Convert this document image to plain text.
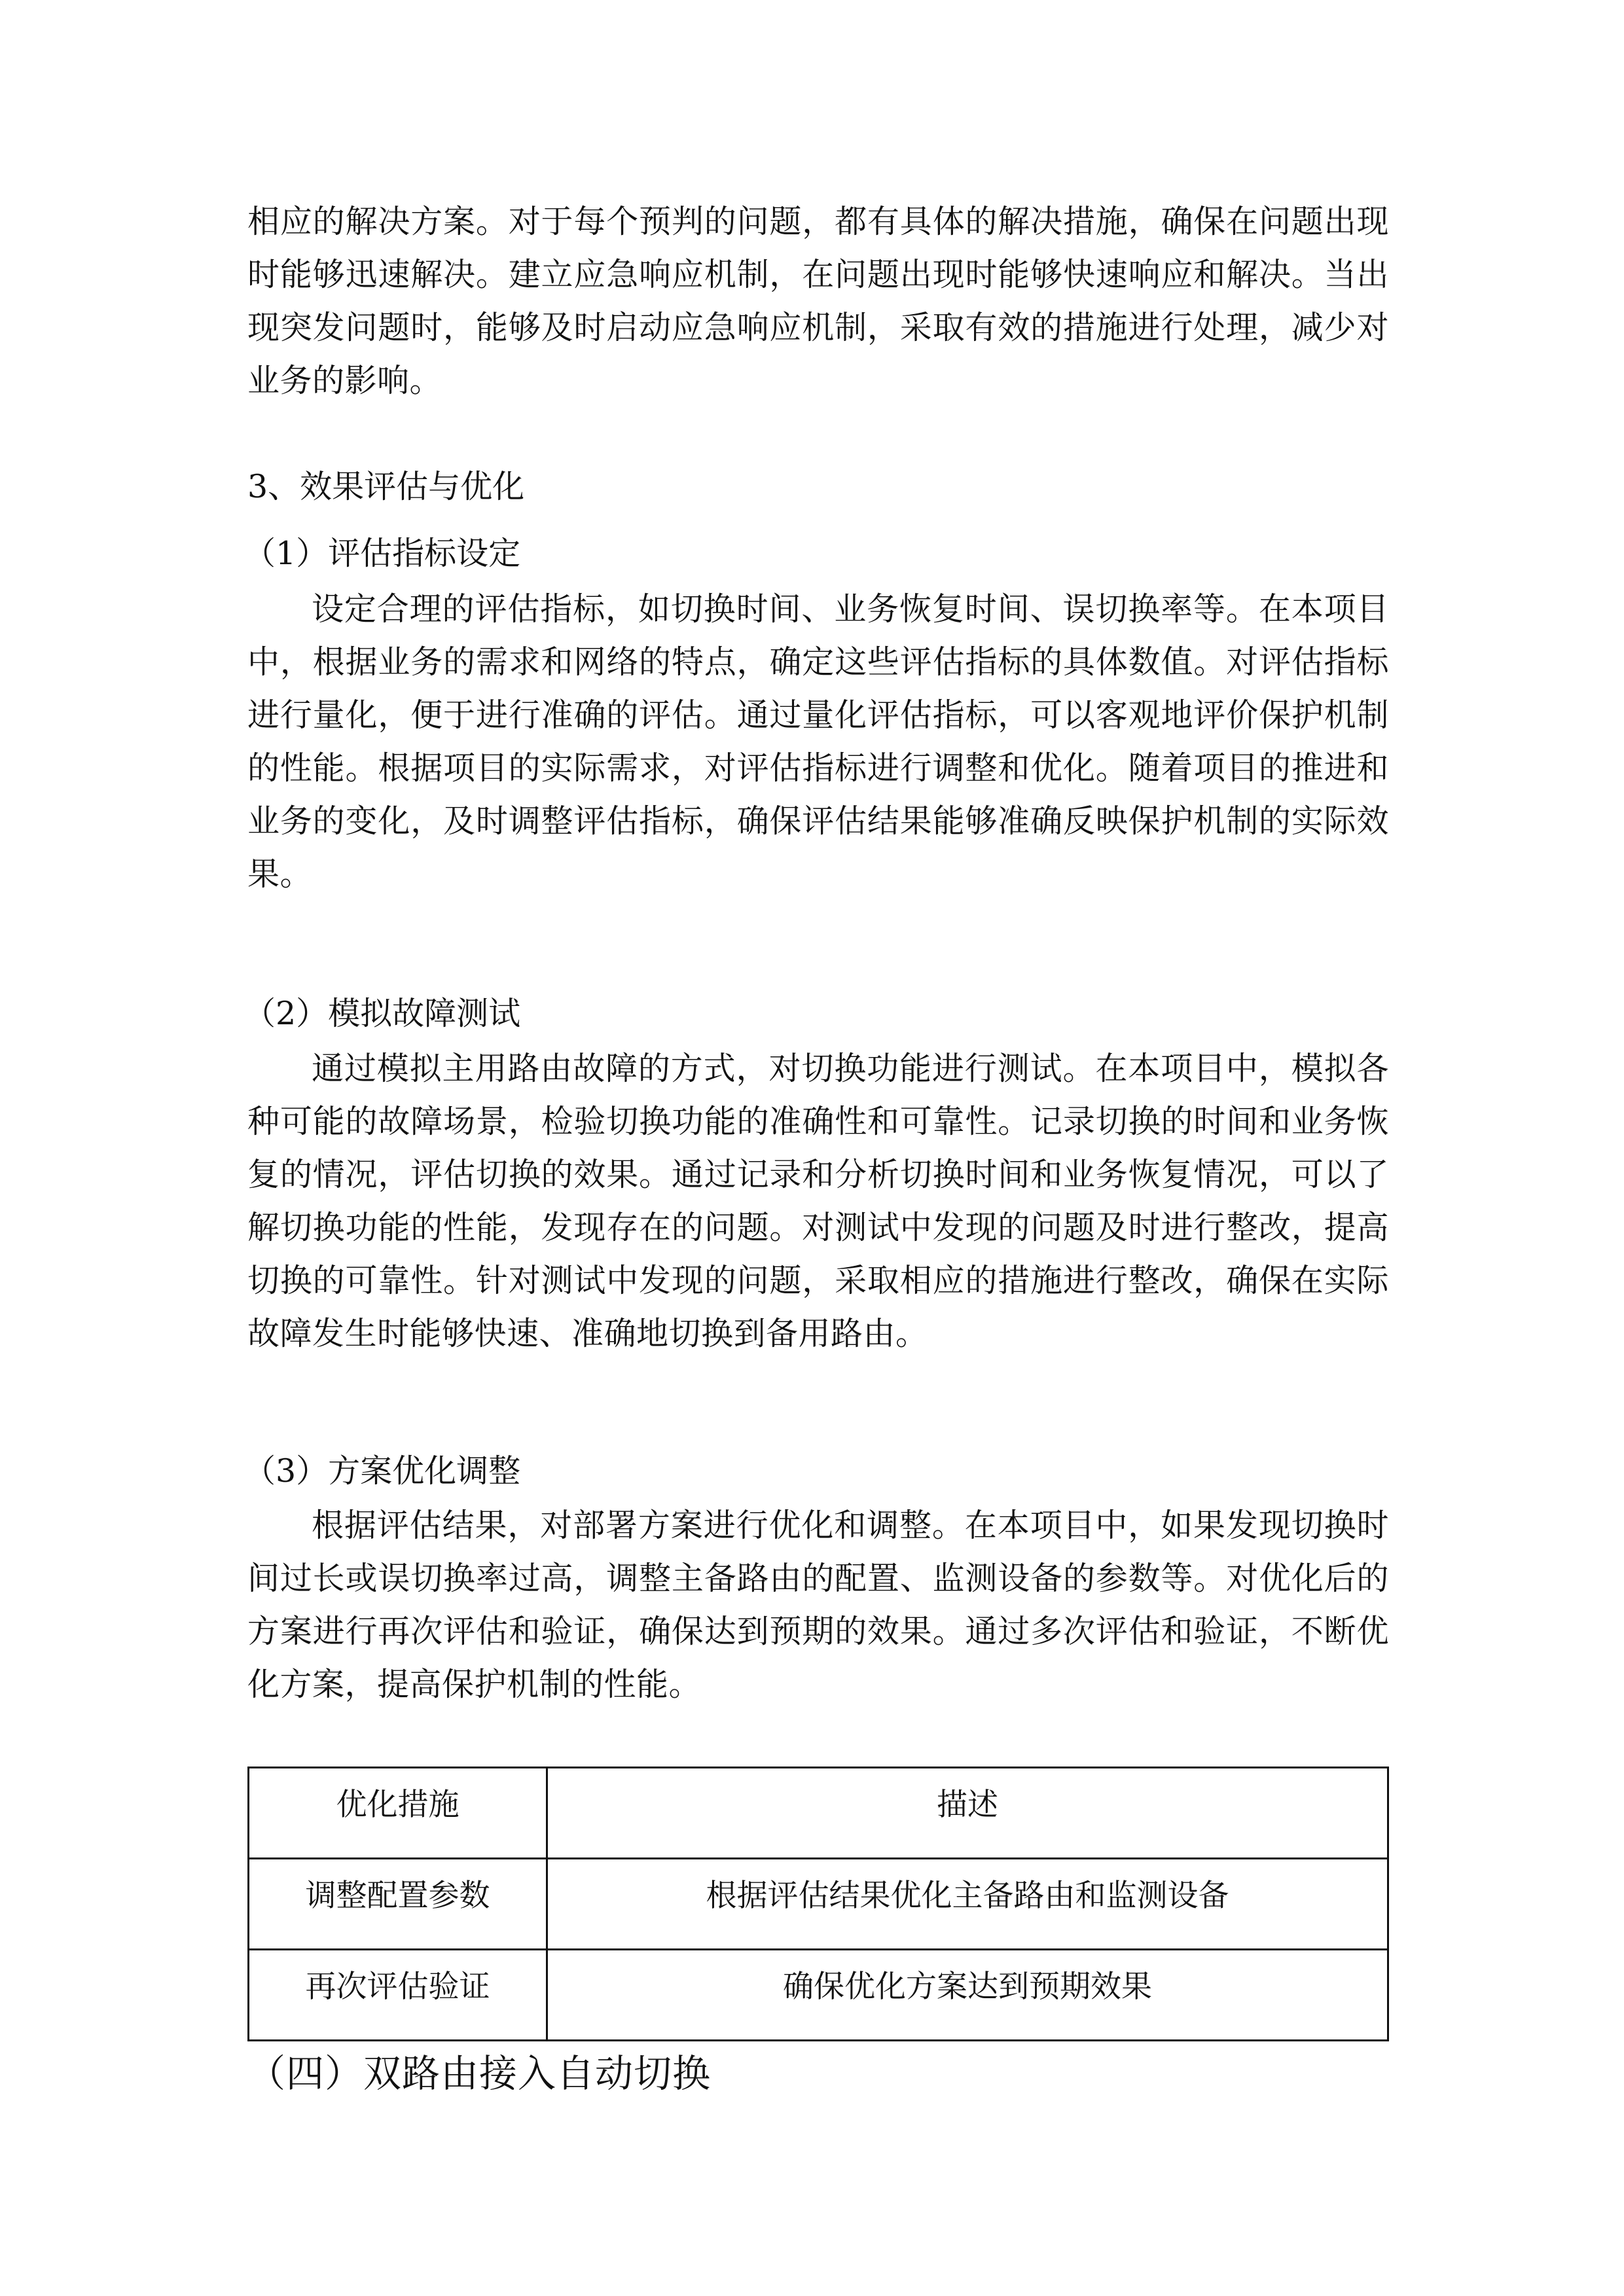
相应的解决方案。对于每个预判的问题，都有具体的解决措施，确保在问题出现时能够迅速解决。建立应急响应机制，在问题出现时能够快速响应和解决。当出现突发问题时，能够及时启动应急响应机制，采取有效的措施进行处理，减少对业务的影响。

3、效果评估与优化

（1）评估指标设定

设定合理的评估指标，如切换时间、业务恢复时间、误切换率等。在本项目中，根据业务的需求和网络的特点，确定这些评估指标的具体数值。对评估指标进行量化，便于进行准确的评估。通过量化评估指标，可以客观地评价保护机制的性能。根据项目的实际需求，对评估指标进行调整和优化。随着项目的推进和业务的变化，及时调整评估指标，确保评估结果能够准确反映保护机制的实际效果。

（2）模拟故障测试

通过模拟主用路由故障的方式，对切换功能进行测试。在本项目中，模拟各种可能的故障场景，检验切换功能的准确性和可靠性。记录切换的时间和业务恢复的情况，评估切换的效果。通过记录和分析切换时间和业务恢复情况，可以了解切换功能的性能，发现存在的问题。对测试中发现的问题及时进行整改，提高切换的可靠性。针对测试中发现的问题，采取相应的措施进行整改，确保在实际故障发生时能够快速、准确地切换到备用路由。

（3）方案优化调整

根据评估结果，对部署方案进行优化和调整。在本项目中，如果发现切换时间过长或误切换率过高，调整主备路由的配置、监测设备的参数等。对优化后的方案进行再次评估和验证，确保达到预期的效果。通过多次评估和验证，不断优化方案，提高保护机制的性能。

优化措施	描述
调整配置参数	根据评估结果优化主备路由和监测设备
再次评估验证	确保优化方案达到预期效果

（四）双路由接入自动切换
